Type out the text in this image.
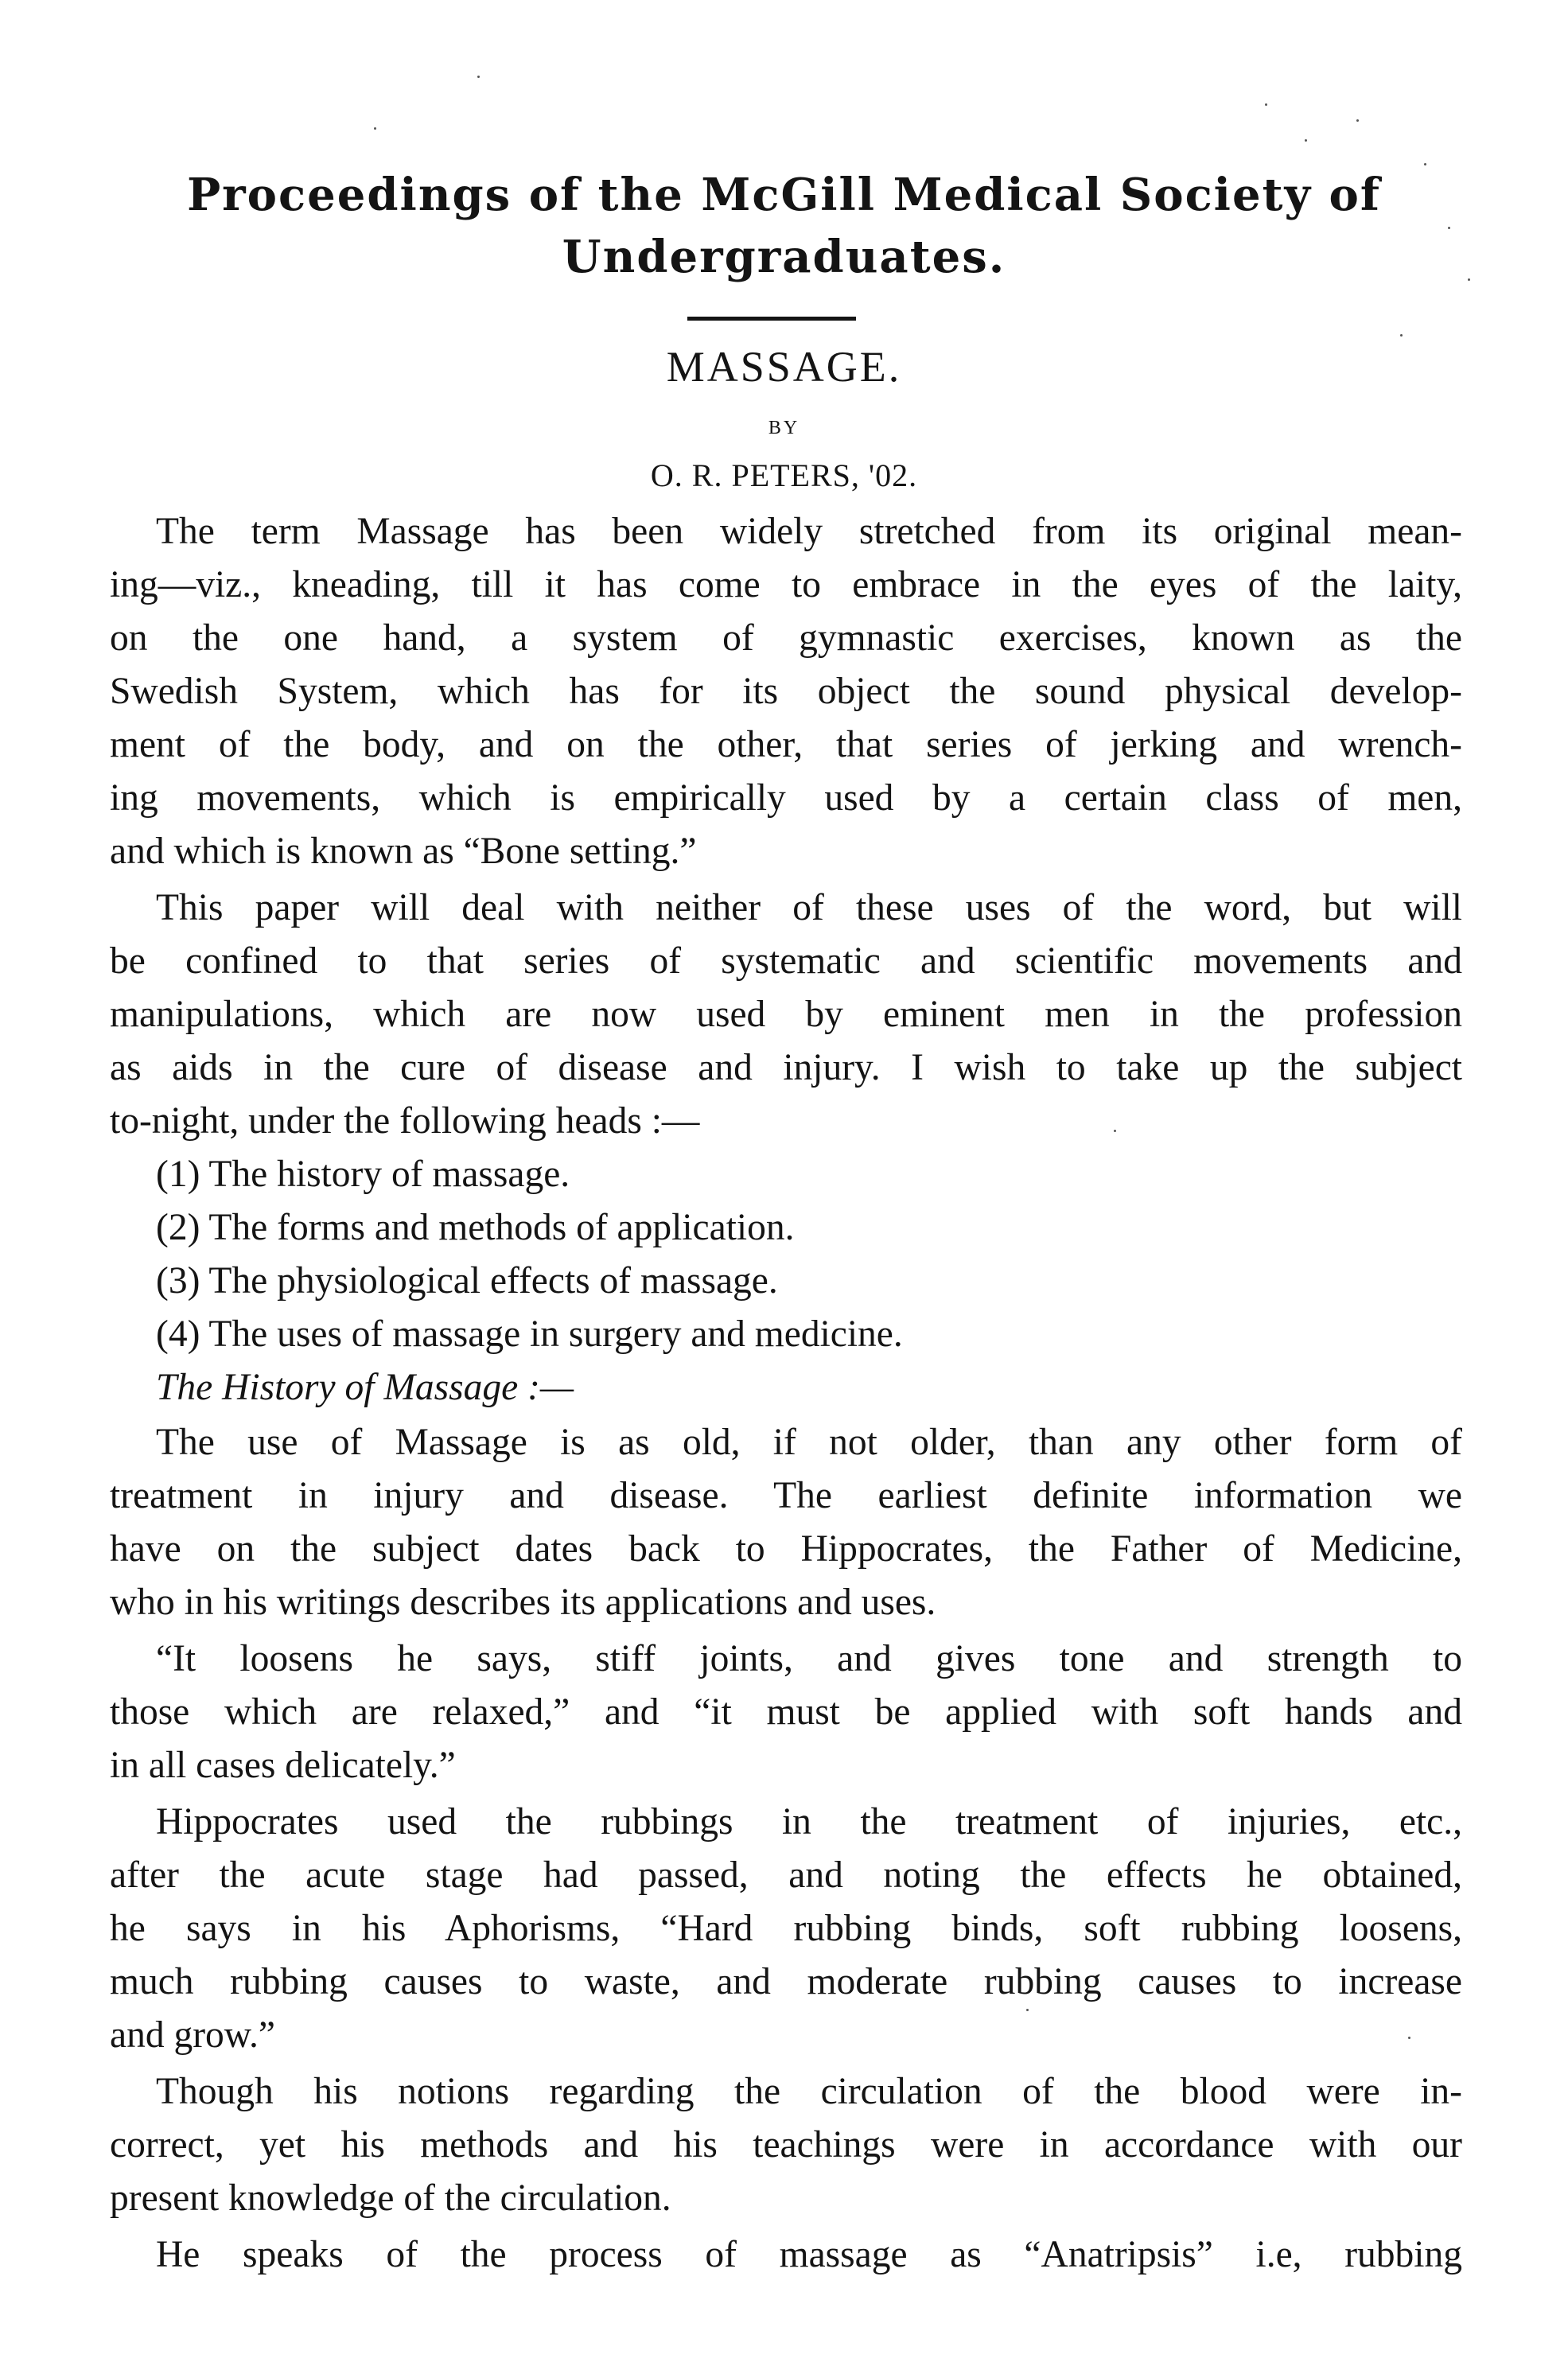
Proceedings of the McGill Medical Society of
Undergraduates.
MASSAGE.
BY
O. R. PETERS, '02.
The term Massage has been widely stretched from its original mean-
ing—viz., kneading, till it has come to embrace in the eyes of the laity,
on the one hand, a system of gymnastic exercises, known as the
Swedish System, which has for its object the sound physical develop-
ment of the body, and on the other, that series of jerking and wrench-
ing movements, which is empirically used by a certain class of men,
and which is known as “Bone setting.”
This paper will deal with neither of these uses of the word, but will
be confined to that series of systematic and scientific movements and
manipulations, which are now used by eminent men in the profession
as aids in the cure of disease and injury. I wish to take up the subject
to-night, under the following heads :—
(1) The history of massage.
(2) The forms and methods of application.
(3) The physiological effects of massage.
(4) The uses of massage in surgery and medicine.
The History of Massage :—
The use of Massage is as old, if not older, than any other form of
treatment in injury and disease. The earliest definite information we
have on the subject dates back to Hippocrates, the Father of Medicine,
who in his writings describes its applications and uses.
“It loosens he says, stiff joints, and gives tone and strength to
those which are relaxed,” and “it must be applied with soft hands and
in all cases delicately.”
Hippocrates used the rubbings in the treatment of injuries, etc.,
after the acute stage had passed, and noting the effects he obtained,
he says in his Aphorisms, “Hard rubbing binds, soft rubbing loosens,
much rubbing causes to waste, and moderate rubbing causes to increase
and grow.”
Though his notions regarding the circulation of the blood were in-
correct, yet his methods and his teachings were in accordance with our
present knowledge of the circulation.
He speaks of the process of massage as “Anatripsis” i.e, rubbing
